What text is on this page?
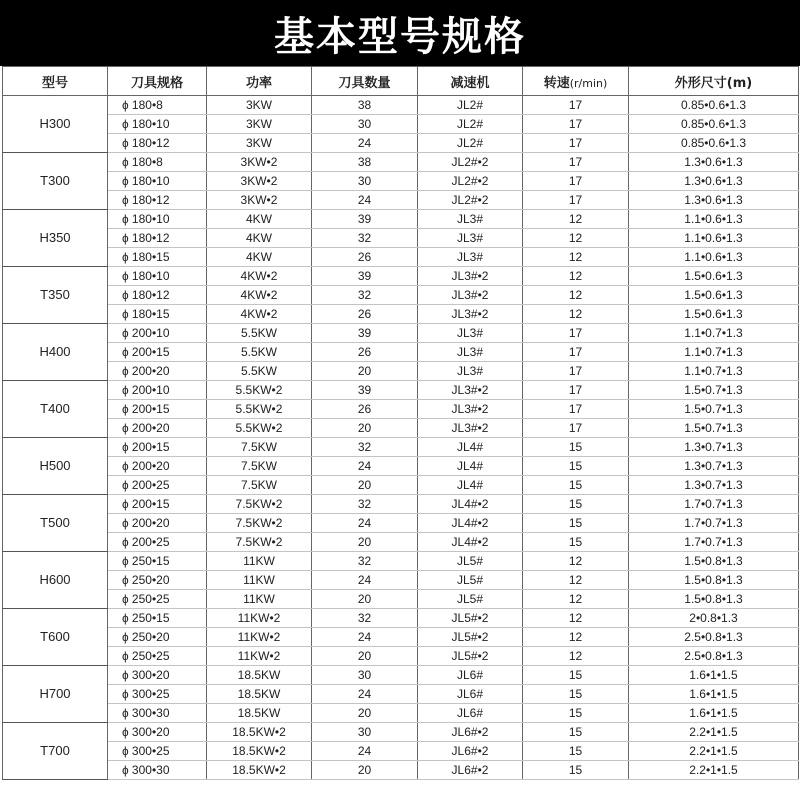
基本型号规格
型号	刀具规格	功率	刀具数量	减速机	转速(r/min)	外形尺寸(m)
H300	ɸ 180•8	3KW	38	JL2#	17	0.85•0.6•1.3
	ɸ 180•10	3KW	30	JL2#	17	0.85•0.6•1.3
	ɸ 180•12	3KW	24	JL2#	17	0.85•0.6•1.3
T300	ɸ 180•8	3KW•2	38	JL2#•2	17	1.3•0.6•1.3
	ɸ 180•10	3KW•2	30	JL2#•2	17	1.3•0.6•1.3
	ɸ 180•12	3KW•2	24	JL2#•2	17	1.3•0.6•1.3
H350	ɸ 180•10	4KW	39	JL3#	12	1.1•0.6•1.3
	ɸ 180•12	4KW	32	JL3#	12	1.1•0.6•1.3
	ɸ 180•15	4KW	26	JL3#	12	1.1•0.6•1.3
T350	ɸ 180•10	4KW•2	39	JL3#•2	12	1.5•0.6•1.3
	ɸ 180•12	4KW•2	32	JL3#•2	12	1.5•0.6•1.3
	ɸ 180•15	4KW•2	26	JL3#•2	12	1.5•0.6•1.3
H400	ɸ 200•10	5.5KW	39	JL3#	17	1.1•0.7•1.3
	ɸ 200•15	5.5KW	26	JL3#	17	1.1•0.7•1.3
	ɸ 200•20	5.5KW	20	JL3#	17	1.1•0.7•1.3
T400	ɸ 200•10	5.5KW•2	39	JL3#•2	17	1.5•0.7•1.3
	ɸ 200•15	5.5KW•2	26	JL3#•2	17	1.5•0.7•1.3
	ɸ 200•20	5.5KW•2	20	JL3#•2	17	1.5•0.7•1.3
H500	ɸ 200•15	7.5KW	32	JL4#	15	1.3•0.7•1.3
	ɸ 200•20	7.5KW	24	JL4#	15	1.3•0.7•1.3
	ɸ 200•25	7.5KW	20	JL4#	15	1.3•0.7•1.3
T500	ɸ 200•15	7.5KW•2	32	JL4#•2	15	1.7•0.7•1.3
	ɸ 200•20	7.5KW•2	24	JL4#•2	15	1.7•0.7•1.3
	ɸ 200•25	7.5KW•2	20	JL4#•2	15	1.7•0.7•1.3
H600	ɸ 250•15	11KW	32	JL5#	12	1.5•0.8•1.3
	ɸ 250•20	11KW	24	JL5#	12	1.5•0.8•1.3
	ɸ 250•25	11KW	20	JL5#	12	1.5•0.8•1.3
T600	ɸ 250•15	11KW•2	32	JL5#•2	12	2•0.8•1.3
	ɸ 250•20	11KW•2	24	JL5#•2	12	2.5•0.8•1.3
	ɸ 250•25	11KW•2	20	JL5#•2	12	2.5•0.8•1.3
H700	ɸ 300•20	18.5KW	30	JL6#	15	1.6•1•1.5
	ɸ 300•25	18.5KW	24	JL6#	15	1.6•1•1.5
	ɸ 300•30	18.5KW	20	JL6#	15	1.6•1•1.5
T700	ɸ 300•20	18.5KW•2	30	JL6#•2	15	2.2•1•1.5
	ɸ 300•25	18.5KW•2	24	JL6#•2	15	2.2•1•1.5
	ɸ 300•30	18.5KW•2	20	JL6#•2	15	2.2•1•1.5
